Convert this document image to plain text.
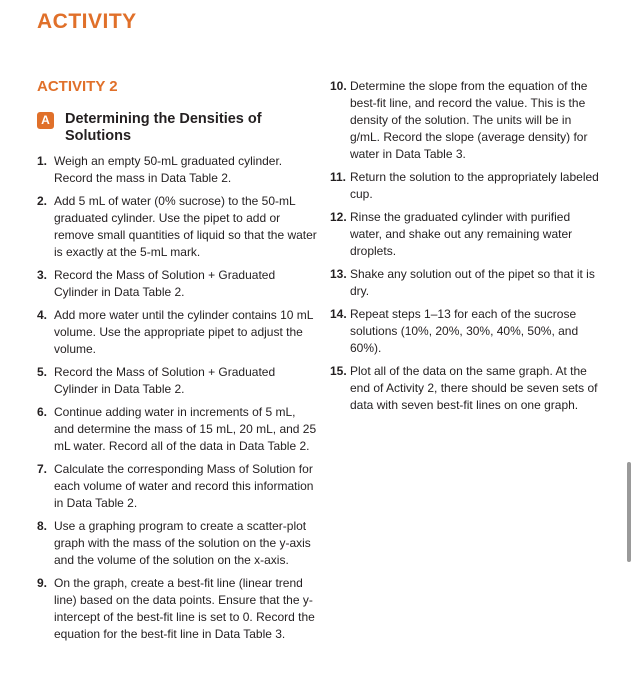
ACTIVITY
ACTIVITY 2
A Determining the Densities of Solutions
1. Weigh an empty 50-mL graduated cylinder. Record the mass in Data Table 2.
2. Add 5 mL of water (0% sucrose) to the 50-mL graduated cylinder. Use the pipet to add or remove small quantities of liquid so that the water is exactly at the 5-mL mark.
3. Record the Mass of Solution + Graduated Cylinder in Data Table 2.
4. Add more water until the cylinder contains 10 mL volume. Use the appropriate pipet to adjust the volume.
5. Record the Mass of Solution + Graduated Cylinder in Data Table 2.
6. Continue adding water in increments of 5 mL, and determine the mass of 15 mL, 20 mL, and 25 mL water. Record all of the data in Data Table 2.
7. Calculate the corresponding Mass of Solution for each volume of water and record this information in Data Table 2.
8. Use a graphing program to create a scatter-plot graph with the mass of the solution on the y-axis and the volume of the solution on the x-axis.
9. On the graph, create a best-fit line (linear trend line) based on the data points. Ensure that the y-intercept of the best-fit line is set to 0. Record the equation for the best-fit line in Data Table 3.
10. Determine the slope from the equation of the best-fit line, and record the value. This is the density of the solution. The units will be in g/mL. Record the slope (average density) for water in Data Table 3.
11. Return the solution to the appropriately labeled cup.
12. Rinse the graduated cylinder with purified water, and shake out any remaining water droplets.
13. Shake any solution out of the pipet so that it is dry.
14. Repeat steps 1–13 for each of the sucrose solutions (10%, 20%, 30%, 40%, 50%, and 60%).
15. Plot all of the data on the same graph. At the end of Activity 2, there should be seven sets of data with seven best-fit lines on one graph.
